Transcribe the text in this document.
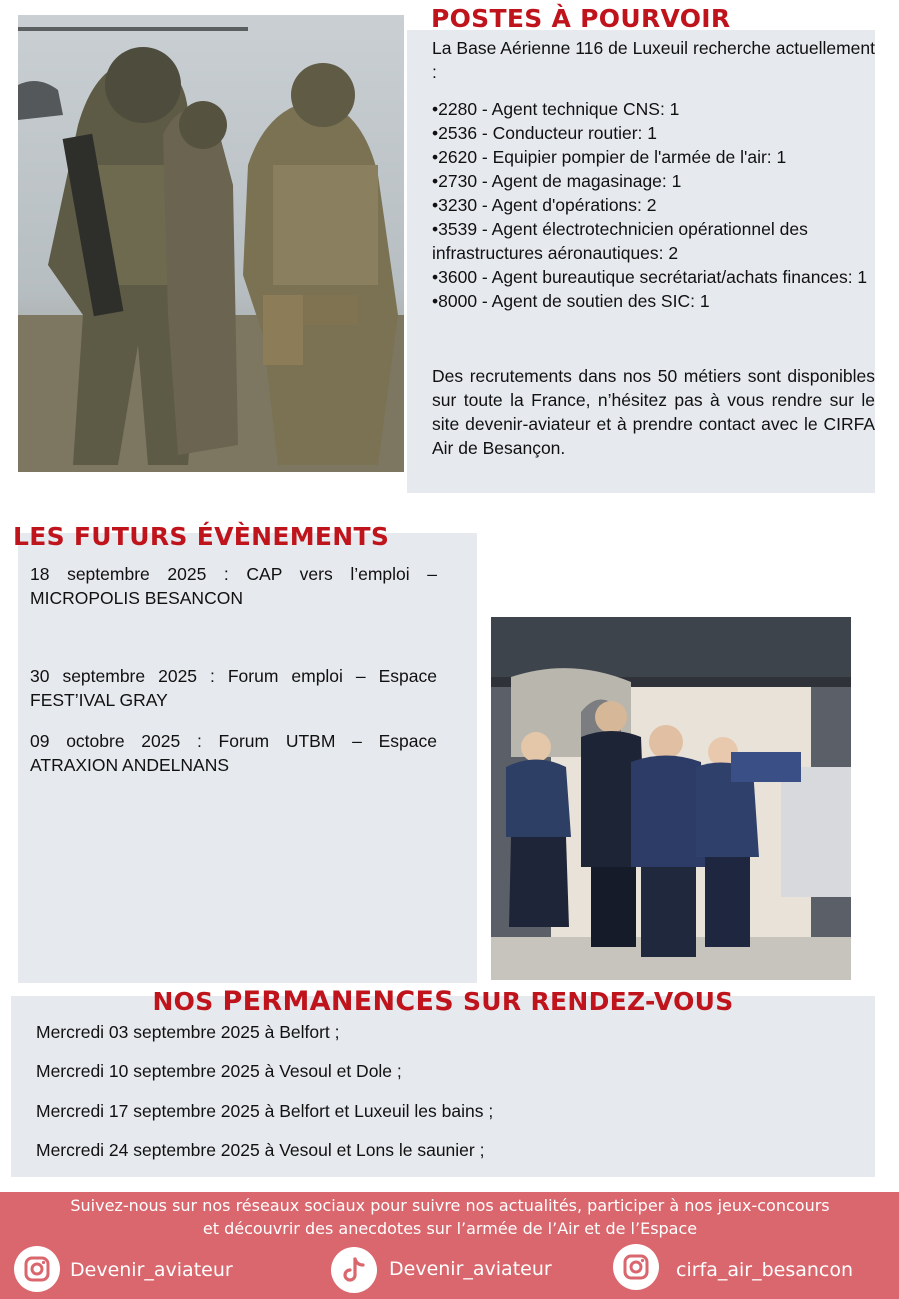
POSTES À POURVOIR
La Base Aérienne 116 de Luxeuil recherche actuellement :
•2280 - Agent technique CNS: 1
•2536 - Conducteur routier: 1
•2620 - Equipier pompier de l'armée de l'air: 1
•2730 - Agent de magasinage: 1
•3230 - Agent d'opérations: 2
•3539 - Agent électrotechnicien opérationnel des infrastructures aéronautiques: 2
•3600 - Agent bureautique secrétariat/achats finances: 1
•8000 - Agent de soutien des SIC: 1
Des recrutements dans nos 50 métiers sont disponibles sur toute la France, n’hésitez pas à vous rendre sur le site devenir-aviateur et à prendre contact avec le CIRFA Air de Besançon.
LES FUTURS ÉVÈNEMENTS
18 septembre 2025 : CAP vers l’emploi – MICROPOLIS BESANCON
30 septembre 2025 : Forum emploi – Espace FEST’IVAL GRAY
09 octobre 2025 : Forum UTBM – Espace ATRAXION ANDELNANS
NOS PERMANENCES SUR RENDEZ-VOUS
Mercredi 03 septembre 2025 à Belfort ;
Mercredi 10 septembre 2025 à Vesoul et Dole ;
Mercredi 17 septembre 2025 à Belfort et Luxeuil les bains ;
Mercredi 24 septembre 2025 à Vesoul et Lons le saunier ;
Suivez-nous sur nos réseaux sociaux pour suivre nos actualités, participer à nos jeux-concours
et découvrir des anecdotes sur l’armée de l’Air et de l’Espace
Devenir_aviateur	Devenir_aviateur	cirfa_air_besancon
